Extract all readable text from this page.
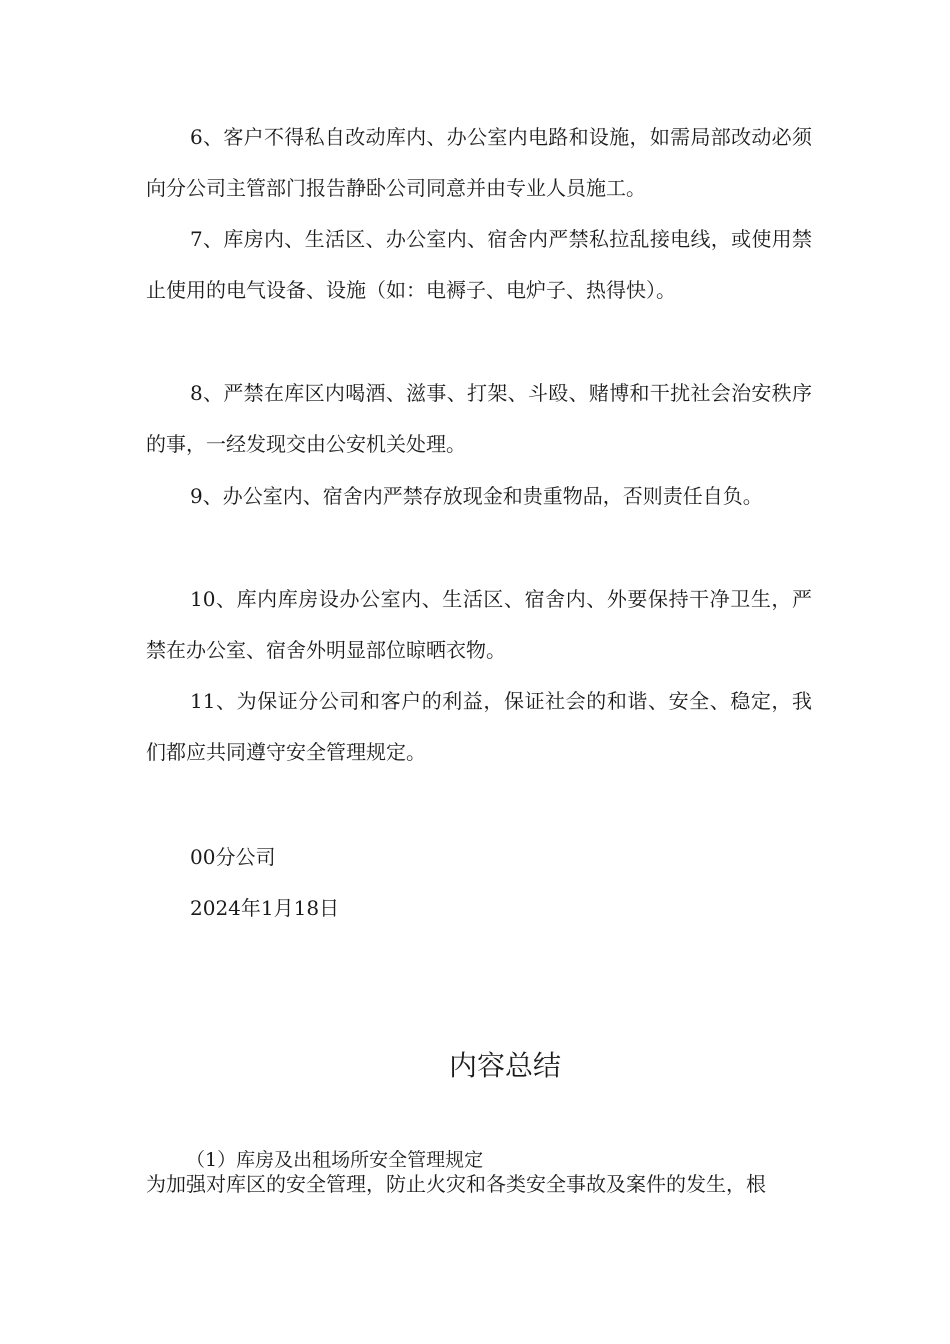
6、客户不得私自改动库内、办公室内电路和设施，如需局部改动必须向分公司主管部门报告静卧公司同意并由专业人员施工。

7、库房内、生活区、办公室内、宿舍内严禁私拉乱接电线，或使用禁止使用的电气设备、设施（如：电褥子、电炉子、热得快）。

8、严禁在库区内喝酒、滋事、打架、斗殴、赌博和干扰社会治安秩序的事，一经发现交由公安机关处理。

9、办公室内、宿舍内严禁存放现金和贵重物品，否则责任自负。

10、库内库房设办公室内、生活区、宿舍内、外要保持干净卫生，严禁在办公室、宿舍外明显部位晾晒衣物。

11、为保证分公司和客户的利益，保证社会的和谐、安全、稳定，我们都应共同遵守安全管理规定。

00分公司

2024年1月18日

内容总结

（1）库房及出租场所安全管理规定

为加强对库区的安全管理，防止火灾和各类安全事故及案件的发生，根
